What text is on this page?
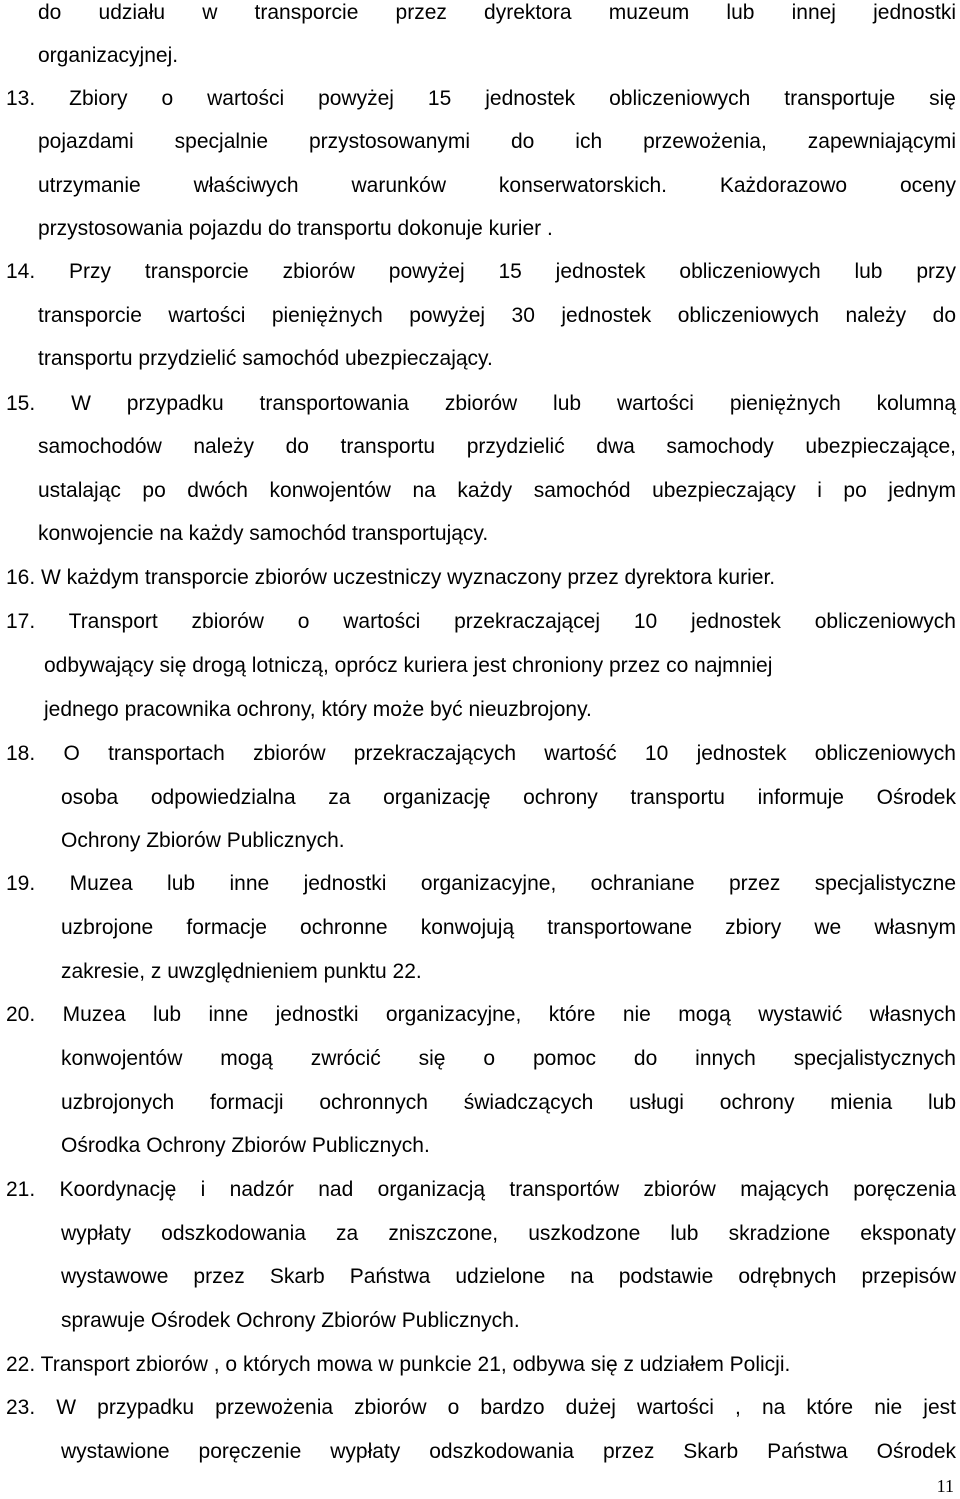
do udziału w transporcie przez dyrektora muzeum lub innej jednostki
organizacyjnej.
13. Zbiory o wartości powyżej 15 jednostek obliczeniowych transportuje się
pojazdami specjalnie przystosowanymi do ich przewożenia, zapewniającymi
utrzymanie właściwych warunków konserwatorskich. Każdorazowo oceny
przystosowania pojazdu do transportu dokonuje kurier .
14. Przy transporcie zbiorów powyżej 15 jednostek obliczeniowych lub przy
transporcie wartości pieniężnych powyżej 30 jednostek obliczeniowych należy do
transportu przydzielić samochód ubezpieczający.
15. W przypadku transportowania zbiorów lub wartości pieniężnych kolumną
samochodów należy do transportu przydzielić dwa samochody ubezpieczające,
ustalając po dwóch konwojentów na każdy samochód ubezpieczający i po jednym
konwojencie na każdy samochód transportujący.
16. W każdym transporcie zbiorów uczestniczy wyznaczony przez dyrektora kurier.
17. Transport zbiorów o wartości przekraczającej 10 jednostek obliczeniowych
odbywający się drogą lotniczą, oprócz kuriera jest chroniony przez co najmniej
jednego pracownika ochrony, który może być nieuzbrojony.
18. O transportach zbiorów przekraczających wartość 10 jednostek obliczeniowych
osoba odpowiedzialna za organizację ochrony transportu informuje Ośrodek
Ochrony Zbiorów Publicznych.
19. Muzea lub inne jednostki organizacyjne, ochraniane przez specjalistyczne
uzbrojone formacje ochronne konwojują transportowane zbiory we własnym
zakresie, z uwzględnieniem punktu 22.
20. Muzea lub inne jednostki organizacyjne, które nie mogą wystawić własnych
konwojentów mogą zwrócić się o pomoc do innych specjalistycznych
uzbrojonych formacji ochronnych świadczących usługi ochrony mienia lub
Ośrodka Ochrony Zbiorów Publicznych.
21. Koordynację i nadzór nad organizacją transportów zbiorów mających poręczenia
wypłaty odszkodowania za zniszczone, uszkodzone lub skradzione eksponaty
wystawowe przez Skarb Państwa udzielone na podstawie odrębnych przepisów
sprawuje Ośrodek Ochrony Zbiorów Publicznych.
22. Transport zbiorów , o których mowa w punkcie 21, odbywa się z udziałem Policji.
23. W przypadku przewożenia zbiorów o bardzo dużej wartości , na które nie jest
wystawione poręczenie wypłaty odszkodowania przez Skarb Państwa Ośrodek
11
